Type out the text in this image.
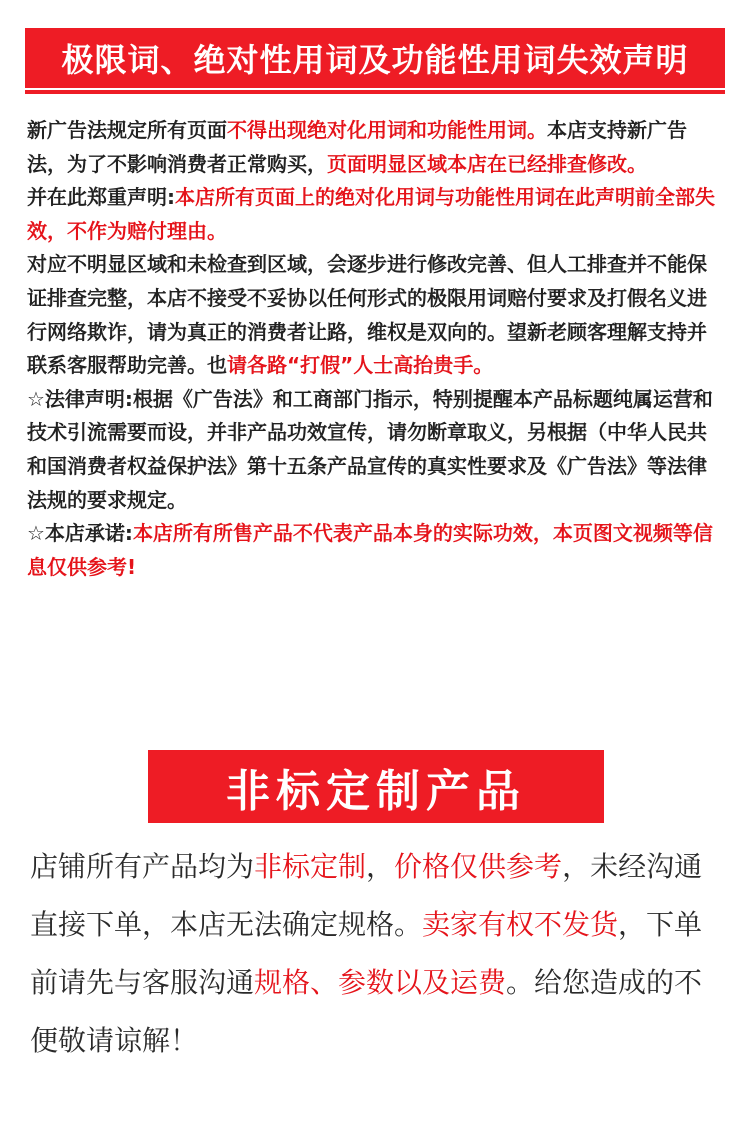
极限词、绝对性用词及功能性用词失效声明

新广告法规定所有页面不得出现绝对化用词和功能性用词。本店支持新广告法，为了不影响消费者正常购买，页面明显区域本店在已经排查修改。
并在此郑重声明:本店所有页面上的绝对化用词与功能性用词在此声明前全部失效，不作为赔付理由。
对应不明显区域和未检查到区域，会逐步进行修改完善、但人工排查并不能保证排查完整，本店不接受不妥协以任何形式的极限用词赔付要求及打假名义进行网络欺诈，请为真正的消费者让路，维权是双向的。望新老顾客理解支持并联系客服帮助完善。也请各路“打假”人士高抬贵手。
☆法律声明:根据《广告法》和工商部门指示，特别提醒本产品标题纯属运营和技术引流需要而设，并非产品功效宣传，请勿断章取义，另根据（中华人民共和国消费者权益保护法》第十五条产品宣传的真实性要求及《广告法》等法律法规的要求规定。
☆本店承诺:本店所有所售产品不代表产品本身的实际功效，本页图文视频等信息仅供参考!

非标定制产品

店铺所有产品均为非标定制，价格仅供参考，未经沟通直接下单，本店无法确定规格。卖家有权不发货，下单前请先与客服沟通规格、参数以及运费。给您造成的不便敬请谅解！
